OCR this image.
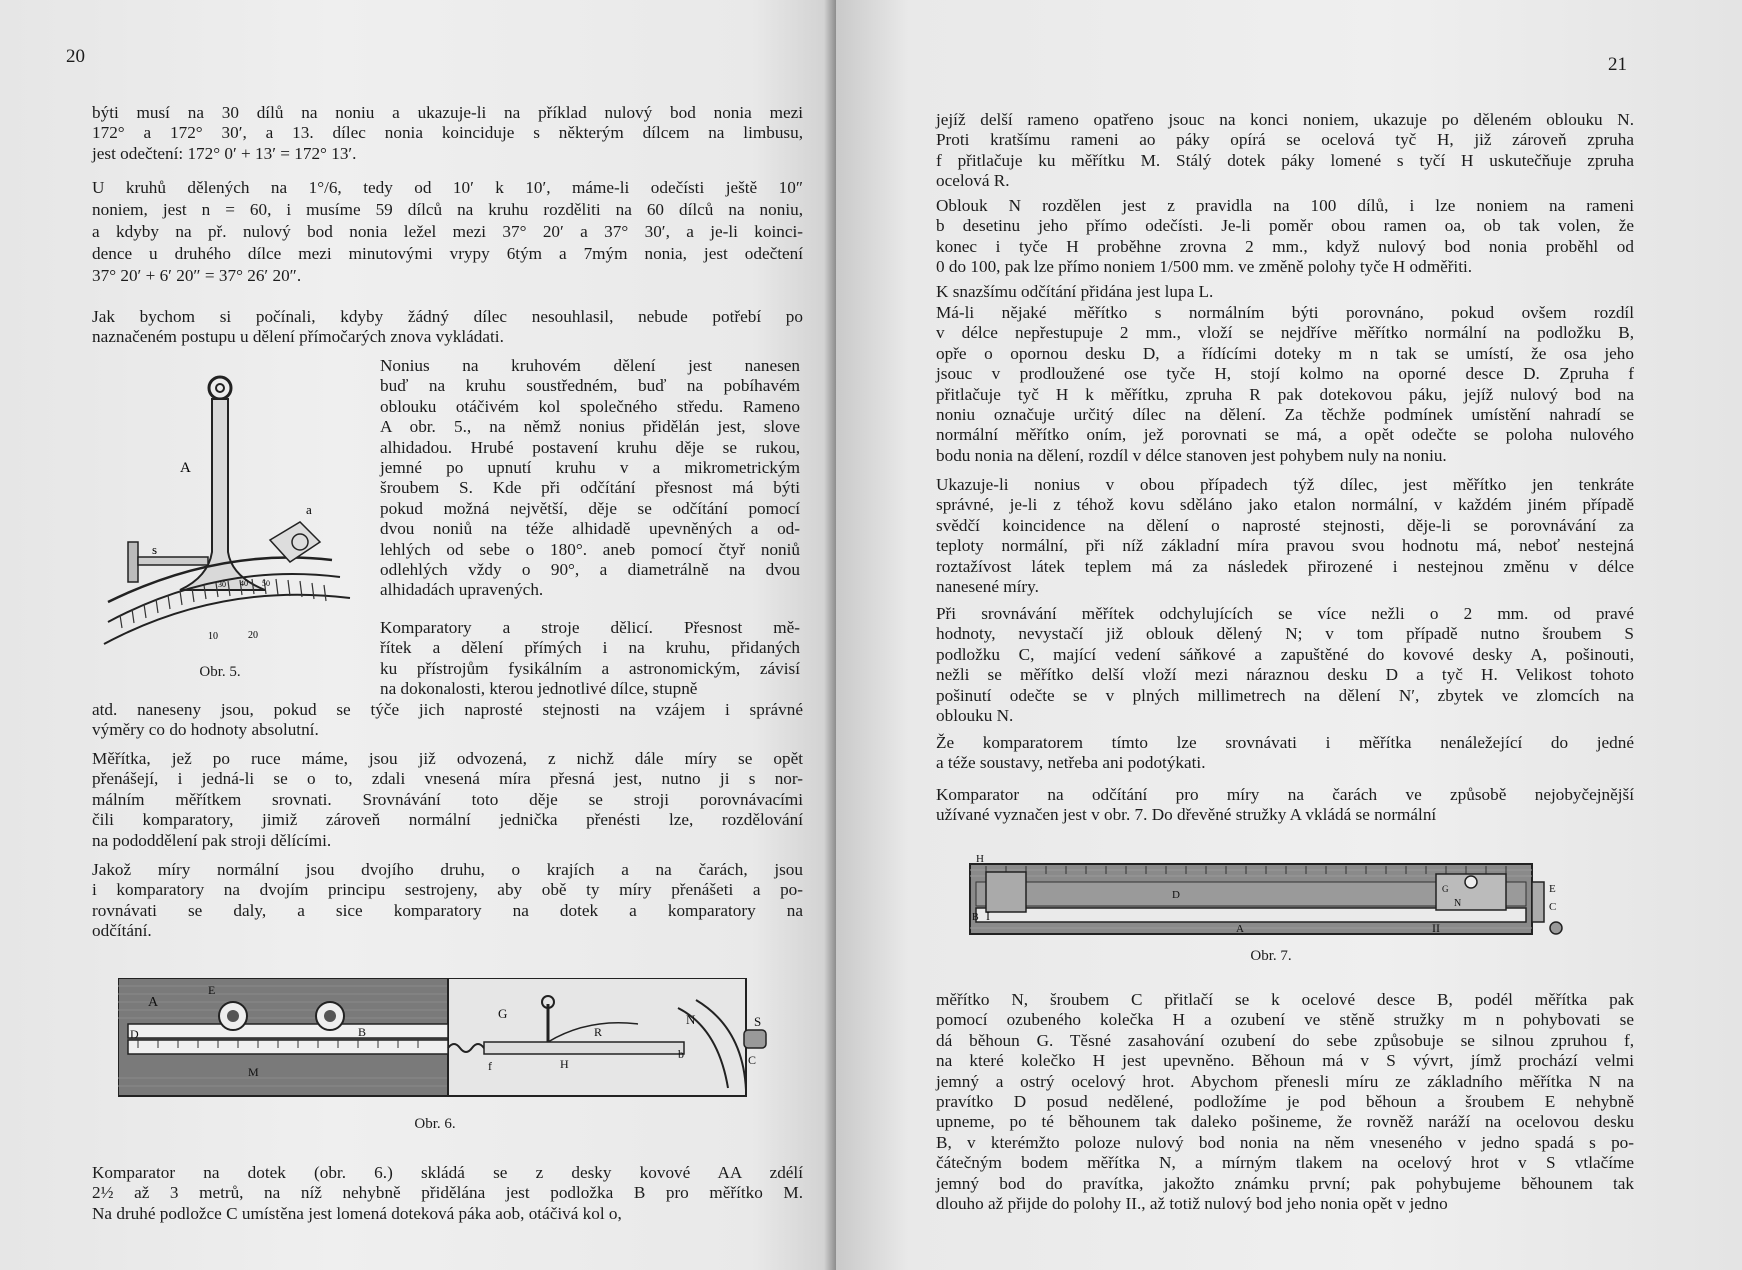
20
býti musí na 30 dílů na noniu a ukazuje-li na příklad nulový bod nonia mezi
172° a 172° 30′, a 13. dílec nonia koinciduje s některým dílcem na limbusu,
jest odečtení: 172° 0′ + 13′ = 172° 13′.
U kruhů dělených na 1°/6, tedy od 10′ k 10′, máme-li odečísti ještě 10″
noniem, jest n = 60, i musíme 59 dílců na kruhu rozděliti na 60 dílců na noniu,
a kdyby na př. nulový bod nonia ležel mezi 37° 20′ a 37° 30′, a je-li koinci-
dence u druhého dílce mezi minutovými vrypy 6tým a 7mým nonia, jest odečtení
37° 20′ + 6′ 20″ = 37° 26′ 20″.
Jak bychom si počínali, kdyby žádný dílec nesouhlasil, nebude potřebí po
naznačeném postupu u dělení přímočarých znova vykládati.
Nonius na kruhovém dělení jest nanesen
buď na kruhu soustředném, buď na pobíhavém
oblouku otáčivém kol společného středu. Rameno
A obr. 5., na němž nonius přidělán jest, slove
alhidadou. Hrubé postavení kruhu děje se rukou,
jemné po upnutí kruhu v a mikrometrickým
šroubem S. Kde při odčítání přesnost má býti
pokud možná největší, děje se odčítání pomocí
dvou noniů na téže alhidadě upevněných a od-
lehlých od sebe o 180°. aneb pomocí čtyř noniů
odlehlých vždy o 90°, a diametrálně na dvou
alhidadách upravených.
Komparatory a stroje dělicí. Přesnost mě-
řítek a dělení přímých i na kruhu, přidaných
ku přístrojům fysikálním a astronomickým, závisí
na dokonalosti, kterou jednotlivé dílce, stupně
atd. naneseny jsou, pokud se týče jich naprosté stejnosti na vzájem i správné
výměry co do hodnoty absolutní.
Měřítka, jež po ruce máme, jsou již odvozená, z nichž dále míry se opět
přenášejí, i jedná-li se o to, zdali vnesená míra přesná jest, nutno ji s nor-
málním měřítkem srovnati. Srovnávání toto děje se stroji porovnávacími
čili komparatory, jimiž zároveň normální jednička přenésti lze, rozdělování
na pododdělení pak stroji dělícími.
Jakož míry normální jsou dvojího druhu, o krajích a na čarách, jsou
i komparatory na dvojím principu sestrojeny, aby obě ty míry přenášeti a po-
rovnávati se daly, a sice komparatory na dotek a komparatory na
odčítání.
Komparator na dotek (obr. 6.) skládá se z desky kovové AA zdélí
2½ až 3 metrů, na níž nehybně přidělána jest podložka B pro měřítko M.
Na druhé podložce C umístěna jest lomená doteková páka aob, otáčivá kol o,
A
s
a
10	20
30 40 50
Obr. 5.
A
E
D	B
M
G
f
R
H
N
b
S
C
Obr. 6.
21
jejíž delší rameno opatřeno jsouc na konci noniem, ukazuje po děleném oblouku N.
Proti kratšímu rameni ao páky opírá se ocelová tyč H, již zároveň zpruha
f přitlačuje ku měřítku M. Stálý dotek páky lomené s tyčí H uskutečňuje zpruha
ocelová R.
Oblouk N rozdělen jest z pravidla na 100 dílů, i lze noniem na rameni
b desetinu jeho přímo odečísti. Je-li poměr obou ramen oa, ob tak volen, že
konec i tyče H proběhne zrovna 2 mm., když nulový bod nonia proběhl od
0 do 100, pak lze přímo noniem 1/500 mm. ve změně polohy tyče H odměřiti.
K snazšímu odčítání přidána jest lupa L.
Má-li nějaké měřítko s normálním býti porovnáno, pokud ovšem rozdíl
v délce nepřestupuje 2 mm., vloží se nejdříve měřítko normální na podložku B,
opře o opornou desku D, a řídícími doteky m n tak se umístí, že osa jeho
jsouc v prodloužené ose tyče H, stojí kolmo na oporné desce D. Zpruha f
přitlačuje tyč H k měřítku, zpruha R pak dotekovou páku, jejíž nulový bod na
noniu označuje určitý dílec na dělení. Za těchže podmínek umístění nahradí se
normální měřítko oním, jež porovnati se má, a opět odečte se poloha nulového
bodu nonia na dělení, rozdíl v délce stanoven jest pohybem nuly na noniu.
Ukazuje-li nonius v obou případech týž dílec, jest měřítko jen tenkráte
správné, je-li z téhož kovu sděláno jako etalon normální, v každém jiném případě
svědčí koincidence na dělení o naprosté stejnosti, děje-li se porovnávání za
teploty normální, při níž základní míra pravou svou hodnotu má, neboť nestejná
roztažívost látek teplem má za následek přirozené i nestejnou změnu v délce
nanesené míry.
Při srovnávání měřítek odchylujících se více nežli o 2 mm. od pravé
hodnoty, nevystačí již oblouk dělený N; v tom případě nutno šroubem S
podložku C, mající vedení sáňkové a zapuštěné do kovové desky A, pošinouti,
nežli se měřítko delší vloží mezi náraznou desku D a tyč H. Velikost tohoto
pošinutí odečte se v plných millimetrech na dělení N′, zbytek ve zlomcích na
oblouku N.
Že komparatorem tímto lze srovnávati i měřítka nenáležející do jedné
a téže soustavy, netřeba ani podotýkati.
Komparator na odčítání pro míry na čarách ve způsobě nejobyčejnější
užívané vyznačen jest v obr. 7. Do dřevěné stružky A vkládá se normální
měřítko N, šroubem C přitlačí se k ocelové desce B, podél měřítka pak
pomocí ozubeného kolečka H a ozubení ve stěně stružky m n pohybovati se
dá běhoun G. Těsné zasahování ozubení do sebe způsobuje se silnou zpruhou f,
na které kolečko H jest upevněno. Běhoun má v S vývrt, jímž prochází velmi
jemný a ostrý ocelový hrot. Abychom přenesli míru ze základního měřítka N na
pravítko D posud nedělené, podložíme je pod běhoun a šroubem E nehybně
upneme, po té běhounem tak daleko pošineme, že rovněž naráží na ocelovou desku
B, v kterémžto poloze nulový bod nonia na něm vneseného v jedno spadá s po-
čátečným bodem měřítka N, a mírným tlakem na ocelový hrot v S vtlačíme
jemný bod do pravítka, jakožto známku první; pak pohybujeme běhounem tak
dlouho až přijde do polohy II., až totiž nulový bod jeho nonia opět v jedno
H
D
B I
A
N
II
E
C
G
Obr. 7.
